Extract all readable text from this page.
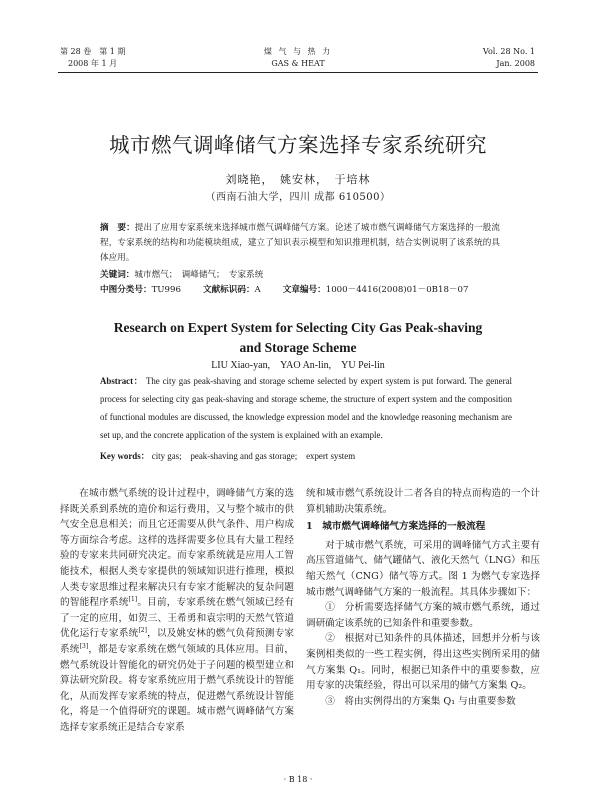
第 28 卷　第 1 期
2008 年 1 月
煤 气 与 热 力
GAS & HEAT
Vol. 28 No. 1
Jan. 2008
城市燃气调峰储气方案选择专家系统研究
刘晓艳，　姚安林，　于培林
（西南石油大学，四川 成都 610500）
摘　要：提出了应用专家系统来选择城市燃气调峰储气方案。论述了城市燃气调峰储气方案选择的一般流程，专家系统的结构和功能模块组成，建立了知识表示模型和知识推理机制，结合实例说明了该系统的具体应用。
关键词：城市燃气；　调峰储气；　专家系统
中图分类号：TU996	文献标识码：A	文章编号：1000－4416(2008)01－0B18－07
Research on Expert System for Selecting City Gas Peak-shaving
and Storage Scheme
LIU Xiao-yan,　YAO An-lin,　YU Pei-lin
Abstract： The city gas peak-shaving and storage scheme selected by expert system is put forward. The general process for selecting city gas peak-shaving and storage scheme, the structure of expert system and the composition of functional modules are discussed, the knowledge expression model and the knowledge reasoning mechanism are set up, and the concrete application of the system is explained with an example.
Key words： city gas;　peak-shaving and gas storage;　expert system

在城市燃气系统的设计过程中，调峰储气方案的选择既关系到系统的造价和运行费用，又与整个城市的供气安全息息相关；而且它还需要从供气条件、用户构成等方面综合考虑。这样的选择需要多位具有大量工程经验的专家来共同研究决定。而专家系统就是应用人工智能技术，根据人类专家提供的领域知识进行推理，模拟人类专家思维过程来解决只有专家才能解决的复杂问题的智能程序系统[1]。目前，专家系统在燃气领域已经有了一定的应用，如贺三、王希勇和袁宗明的天然气管道优化运行专家系统[2]，以及姚安林的燃气负荷预测专家系统[3]，都是专家系统在燃气领域的具体应用。目前，燃气系统设计智能化的研究仍处于子问题的模型建立和算法研究阶段。将专家系统应用于燃气系统设计的智能化，从而发挥专家系统的特点，促进燃气系统设计智能化，将是一个值得研究的课题。城市燃气调峰储气方案选择专家系统正是结合专家系

统和城市燃气系统设计二者各自的特点而构造的一个计算机辅助决策系统。

1　城市燃气调峰储气方案选择的一般流程

对于城市燃气系统，可采用的调峰储气方式主要有高压管道储气、储气罐储气、液化天然气（LNG）和压缩天然气（CNG）储气等方式。图 1 为燃气专家选择城市燃气调峰储气方案的一般流程。其具体步骤如下：

①　分析需要选择储气方案的城市燃气系统，通过调研确定该系统的已知条件和重要参数。

②　根据对已知条件的具体描述，回想并分析与该案例相类似的一些工程实例，得出这些实例所采用的储气方案集 Q₁。同时，根据已知条件中的重要参数，应用专家的决策经验，得出可以采用的储气方案集 Q₂。

③　将由实例得出的方案集 Q₁ 与由重要参数

· B 18 ·
